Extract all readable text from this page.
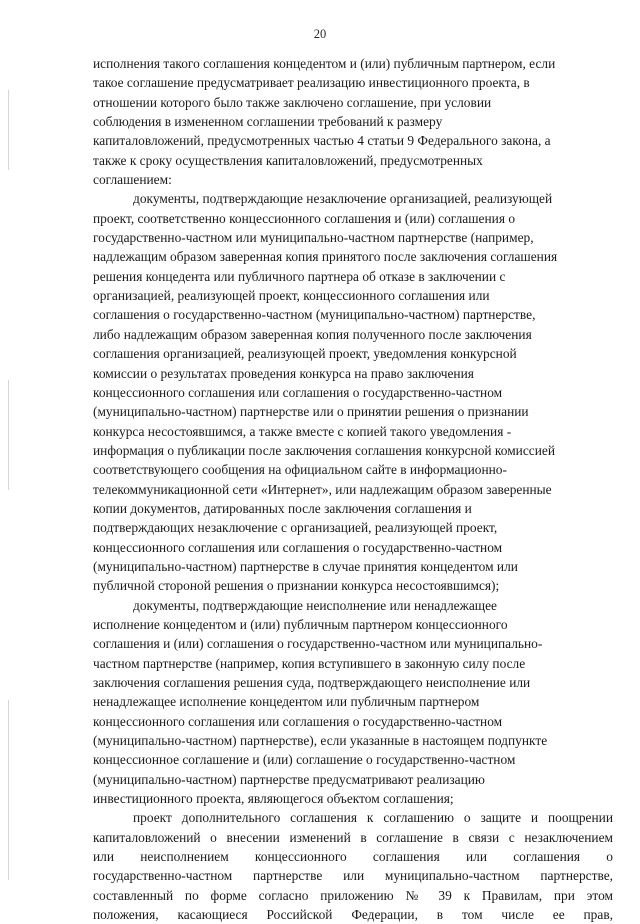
20

исполнения такого соглашения концедентом и (или) публичным партнером, если
такое соглашение предусматривает реализацию инвестиционного проекта, в
отношении которого было также заключено соглашение, при условии
соблюдения в измененном соглашении требований к размеру
капиталовложений, предусмотренных частью 4 статьи 9 Федерального закона, а
также к сроку осуществления капиталовложений, предусмотренных
соглашением:

документы, подтверждающие незаключение организацией, реализующей
проект, соответственно концессионного соглашения и (или) соглашения о
государственно-частном или муниципально-частном партнерстве (например,
надлежащим образом заверенная копия принятого после заключения соглашения
решения концедента или публичного партнера об отказе в заключении с
организацией, реализующей проект, концессионного соглашения или
соглашения о государственно-частном (муниципально-частном) партнерстве,
либо надлежащим образом заверенная копия полученного после заключения
соглашения организацией, реализующей проект, уведомления конкурсной
комиссии о результатах проведения конкурса на право заключения
концессионного соглашения или соглашения о государственно-частном
(муниципально-частном) партнерстве или о принятии решения о признании
конкурса несостоявшимся, а также вместе с копией такого уведомления -
информация о публикации после заключения соглашения конкурсной комиссией
соответствующего сообщения на официальном сайте в информационно-
телекоммуникационной сети «Интернет», или надлежащим образом заверенные
копии документов, датированных после заключения соглашения и
подтверждающих незаключение с организацией, реализующей проект,
концессионного соглашения или соглашения о государственно-частном
(муниципально-частном) партнерстве в случае принятия концедентом или
публичной стороной решения о признании конкурса несостоявшимся);

документы, подтверждающие неисполнение или ненадлежащее
исполнение концедентом и (или) публичным партнером концессионного
соглашения и (или) соглашения о государственно-частном или муниципально-
частном партнерстве (например, копия вступившего в законную силу после
заключения соглашения решения суда, подтверждающего неисполнение или
ненадлежащее исполнение концедентом или публичным партнером
концессионного соглашения или соглашения о государственно-частном
(муниципально-частном) партнерстве), если указанные в настоящем подпункте
концессионное соглашение и (или) соглашение о государственно-частном
(муниципально-частном) партнерстве предусматривают реализацию
инвестиционного проекта, являющегося объектом соглашения;

проект дополнительного соглашения к соглашению о защите и поощрении
капиталовложений о внесении изменений в соглашение в связи с незаключением
или неисполнением концессионного соглашения или соглашения о
государственно-частном партнерстве или муниципально-частном партнерстве,
составленный по форме согласно приложению № 39 к Правилам, при этом
положения, касающиеся Российской Федерации, в том числе ее прав,
